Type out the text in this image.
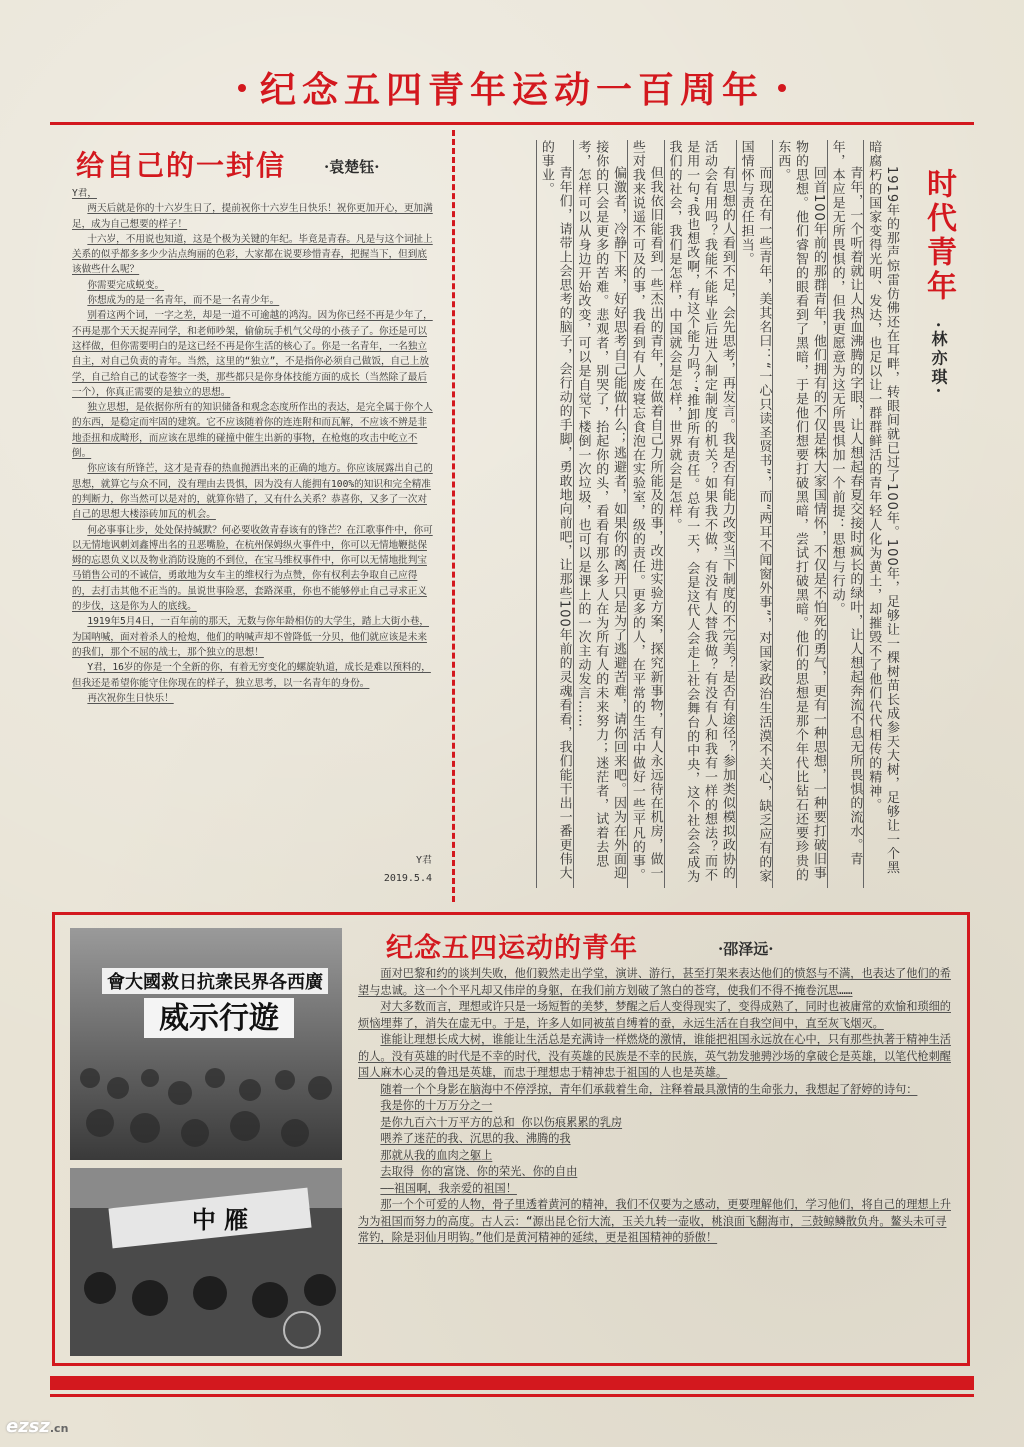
纪念五四青年运动一百周年
给自己的一封信	·袁楚钰·

Y君，

两天后就是你的十六岁生日了，提前祝你十六岁生日快乐！祝你更加开心，更加满足，成为自己想要的样子！

十六岁，不用说也知道，这是个极为关键的年纪。毕竟是青春。凡是与这个词扯上关系的似乎都多多少少沾点绚丽的色彩，大家都在说要珍惜青春，把握当下，但到底该做些什么呢？

你需要完成蜕变。

你想成为的是一名青年，而不是一名青少年。

别看这两个词，一字之差，却是一道不可逾越的鸿沟。因为你已经不再是少年了，不再是那个天天捉弄同学，和老师吵架，偷偷玩手机气父母的小孩子了。你还是可以这样做，但你需要明白的是这已经不再是你生活的核心了。你是一名青年，一名独立自主，对自己负责的青年。当然，这里的“独立”，不是指你必须自己做饭，自己上放学，自己给自己的试卷签字一类，那些都只是你身体技能方面的成长（当然除了最后一个），你真正需要的是独立的思想。

独立思想，是依据你所有的知识储备和观念态度所作出的表达，是完全属于你个人的东西，是稳定而牢固的建筑。它不应该随着你的连连附和而瓦解，不应该不辨是非地歪扭和成畸形，而应该在思维的碰撞中催生出新的事物，在枪炮的攻击中屹立不倒。

你应该有所锋芒，这才是青春的热血抛洒出来的正确的地方。你应该展露出自己的思想，就算它与众不同，没有理由去畏惧，因为没有人能拥有100%的知识和完全精准的判断力，你当然可以是对的，就算你错了，又有什么关系？恭喜你，又多了一次对自己的思想大楼添砖加瓦的机会。

何必事事让步，处处保持缄默？何必要收敛青春该有的锋芒？在江歌事件中，你可以无情地讽刺刘鑫博出名的丑恶嘴脸，在杭州保姆纵火事件中，你可以无情地鞭挞保姆的忘恩负义以及物业消防设施的不到位，在宝马维权事件中，你可以无情地批判宝马销售公司的不诚信，勇敢地为女车主的维权行为点赞，你有权利去争取自己应得的，去打击其他不正当的。虽说世事险恶，套路深重，你也不能够停止自己寻求正义的步伐，这是你为人的底线。

1919年5月4日，一百年前的那天，无数与你年龄相仿的大学生，踏上大街小巷，为国呐喊，面对着杀人的枪炮，他们的呐喊声却不曾降低一分贝，他们就应该是未来的我们，那个不屈的战士，那个独立的思想！

Y君，16岁的你是一个全新的你，有着无穷变化的螺旋轨道，成长是难以预料的，但我还是希望你能守住你现在的样子，独立思考，以一名青年的身份。

再次祝你生日快乐！

Y君
2019.5.4
时代青年
·林亦琪·

1919年的那声惊雷仿佛还在耳畔，转眼间就已过了100年。100年，足够让一棵树苗长成参天大树，足够让一个黑暗腐朽的国家变得光明、发达，也足以让一群群鲜活的青年轻人化为黄土，却摧毁不了他们代代相传的精神。

青年，一个听着就让人热血沸腾的字眼，让人想起春夏交接时疯长的绿叶，让人想起奔流不息无所畏惧的流水。青年，本应是无所畏惧的，但我更愿意为这无所畏惧加一个前提：思想与行动。

回首100年前的那群青年，他们拥有的不仅是株大家国情怀，不仅是不怕死的勇气，更有一种思想，一种要打破旧事物的思想。他们睿智的眼看到了黑暗，于是他们想要打破黑暗，尝试打破黑暗。他们的思想是那个年代比钻石还要珍贵的东西。

而现在有一些青年，美其名曰：“一心只读圣贤书”，而“两耳不闻窗外事”，对国家政治生活漠不关心，缺乏应有的家国情怀与责任担当。

有思想的人看到不足，会先思考，再发言。我是否有能力改变当下制度的不完美？是否有途径？参加类似模拟政协的活动会有用吗？我能不能毕业后进入制定制度的机关？如果我不做，有没有人替我做？有没有人和我有一样的想法？而不是用一句“我也想改啊，有这个能力吗？”推卸所有责任。总有一天，会是这代人会走上社会舞台的中央，这个社会会成为我们的社会，我们是怎样，中国就会是怎样，世界就会是怎样。

但我依旧能看到一些杰出的青年，在做着自己力所能及的事，改进实验方案，探究新事物，有人永远待在机房，做一些对我来说遥不可及的事，我看到有人废寝忘食泡在实验室，级的责任。更多的人，在平常的生活中做好一些平凡的事。

偏激者，冷静下来，好好思考自己能做什么；逃避者，如果你的离开只是为了逃避苦难，请你回来吧。因为在外面迎接你的只会是更多的苦难。悲观者，别哭了，抬起你的头，看看有那么多人在为所有人的未来努力；迷茫者，试着去思考，怎样可以从身边开始改变，可以是自觉下楼倒一次垃圾，也可以是课上的一次主动发言……

青年们，请带上会思考的脑子，会行动的手脚，勇敢地向前吧，让那些100年前的灵魂看看，我们能干出一番更伟大的事业。

會大國救日抗衆民界各西廣
威示行遊
中 雁
纪念五四运动的青年	·邵泽远·

面对巴黎和约的谈判失败，他们毅然走出学堂，演讲、游行，甚至打架来表达他们的愤怒与不满，也表达了他们的希望与忠诚。这一个个平凡却又伟岸的身躯，在我们前方划破了煞白的苍穹，使我们不得不掩卷沉思……

对大多数而言，理想或许只是一场短暂的美梦，梦醒之后人变得现实了，变得成熟了，同时也被庸常的欢愉和琐细的烦恼埋葬了，消失在虚无中。于是，许多人如同被茧自缚着的蚕，永远生活在自我空间中，直至灰飞烟灭。

谁能让理想长成大树，谁能让生活总是充满诗一样燃烧的激情，谁能把祖国永远放在心中，只有那些执著于精神生活的人。没有英雄的时代是不幸的时代，没有英雄的民族是不幸的民族，英气勃发驰骋沙场的拿破仑是英雄，以笔代枪刺醒国人麻木心灵的鲁迅是英雄，而忠于理想忠于精神忠于祖国的人也是英雄。

随着一个个身影在脑海中不停浮掠，青年们承载着生命，注释着最具激情的生命张力，我想起了舒婷的诗句：

我是你的十万万分之一

是你九百六十万平方的总和 你以伤痕累累的乳房

喂养了迷茫的我、沉思的我、沸腾的我

那就从我的血肉之躯上

去取得 你的富饶、你的荣光、你的自由

——祖国啊，我亲爱的祖国！

那一个个可爱的人物，骨子里透着黄河的精神，我们不仅要为之感动，更要理解他们，学习他们，将自己的理想上升为为祖国而努力的高度。古人云：“源出昆仑衍大流，玉关九转一壶收，桃浪面飞翻海市，三鼓鲸鳞散负舟。鳌头未可寻常钓，除是羽仙月明钩。”他们是黄河精神的延续，更是祖国精神的骄傲！

ezsz.cn
